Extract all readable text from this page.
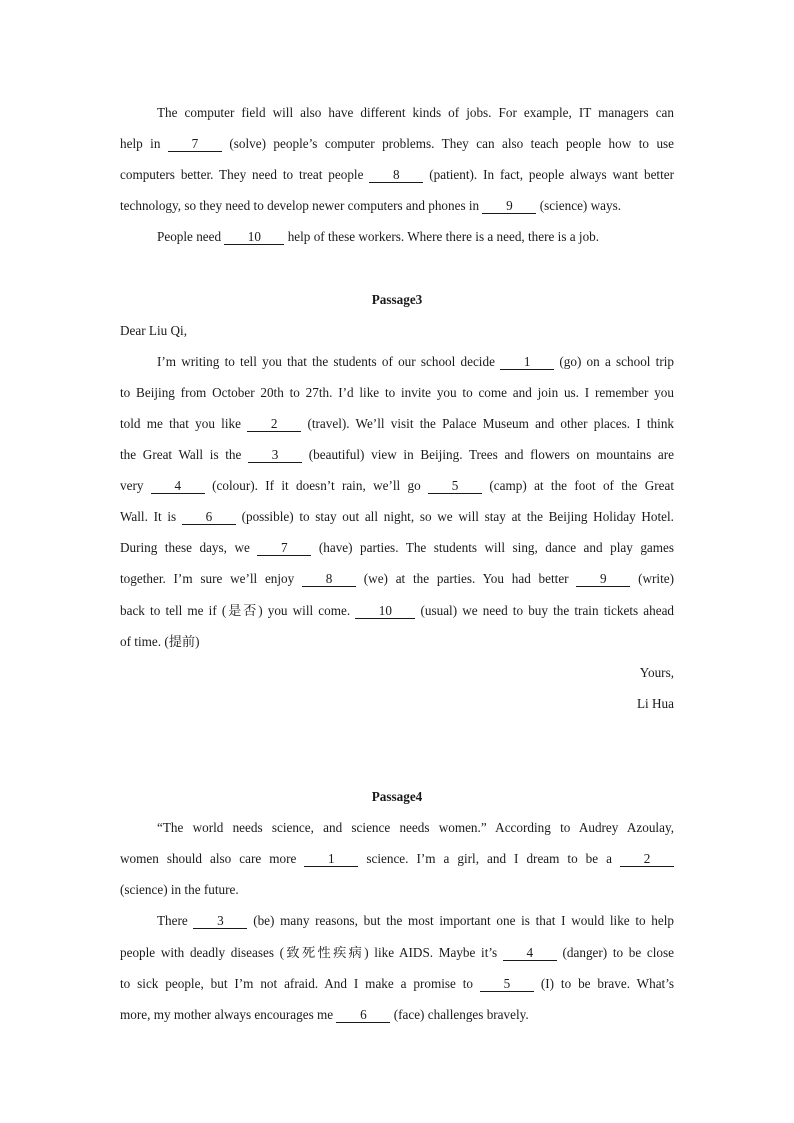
The computer field will also have different kinds of jobs. For example, IT managers can
help in 7 (solve) people’s computer problems. They can also teach people how to use
computers better. They need to treat people 8 (patient). In fact, people always want better
technology, so they need to develop newer computers and phones in 9 (science) ways.
People need 10 help of these workers. Where there is a need, there is a job.
Passage3
Dear Liu Qi,
I’m writing to tell you that the students of our school decide 1 (go) on a school trip
to Beijing from October 20th to 27th. I’d like to invite you to come and join us. I remember you
told me that you like 2 (travel). We’ll visit the Palace Museum and other places. I think
the Great Wall is the 3 (beautiful) view in Beijing. Trees and flowers on mountains are
very 4 (colour). If it doesn’t rain, we’ll go 5 (camp) at the foot of the Great
Wall. It is 6 (possible) to stay out all night, so we will stay at the Beijing Holiday Hotel.
During these days, we 7 (have) parties. The students will sing, dance and play games
together. I’m sure we’ll enjoy 8 (we) at the parties. You had better 9 (write)
back to tell me if (是否) you will come. 10 (usual) we need to buy the train tickets ahead
of time. (提前)
Yours,
Li Hua
Passage4
“The world needs science, and science needs women.” According to Audrey Azoulay,
women should also care more 1 science. I’m a girl, and I dream to be a 2
(science) in the future.
There 3 (be) many reasons, but the most important one is that I would like to help
people with deadly diseases (致死性疾病) like AIDS. Maybe it’s 4 (danger) to be close
to sick people, but I’m not afraid. And I make a promise to 5 (I) to be brave. What’s
more, my mother always encourages me 6 (face) challenges bravely.
